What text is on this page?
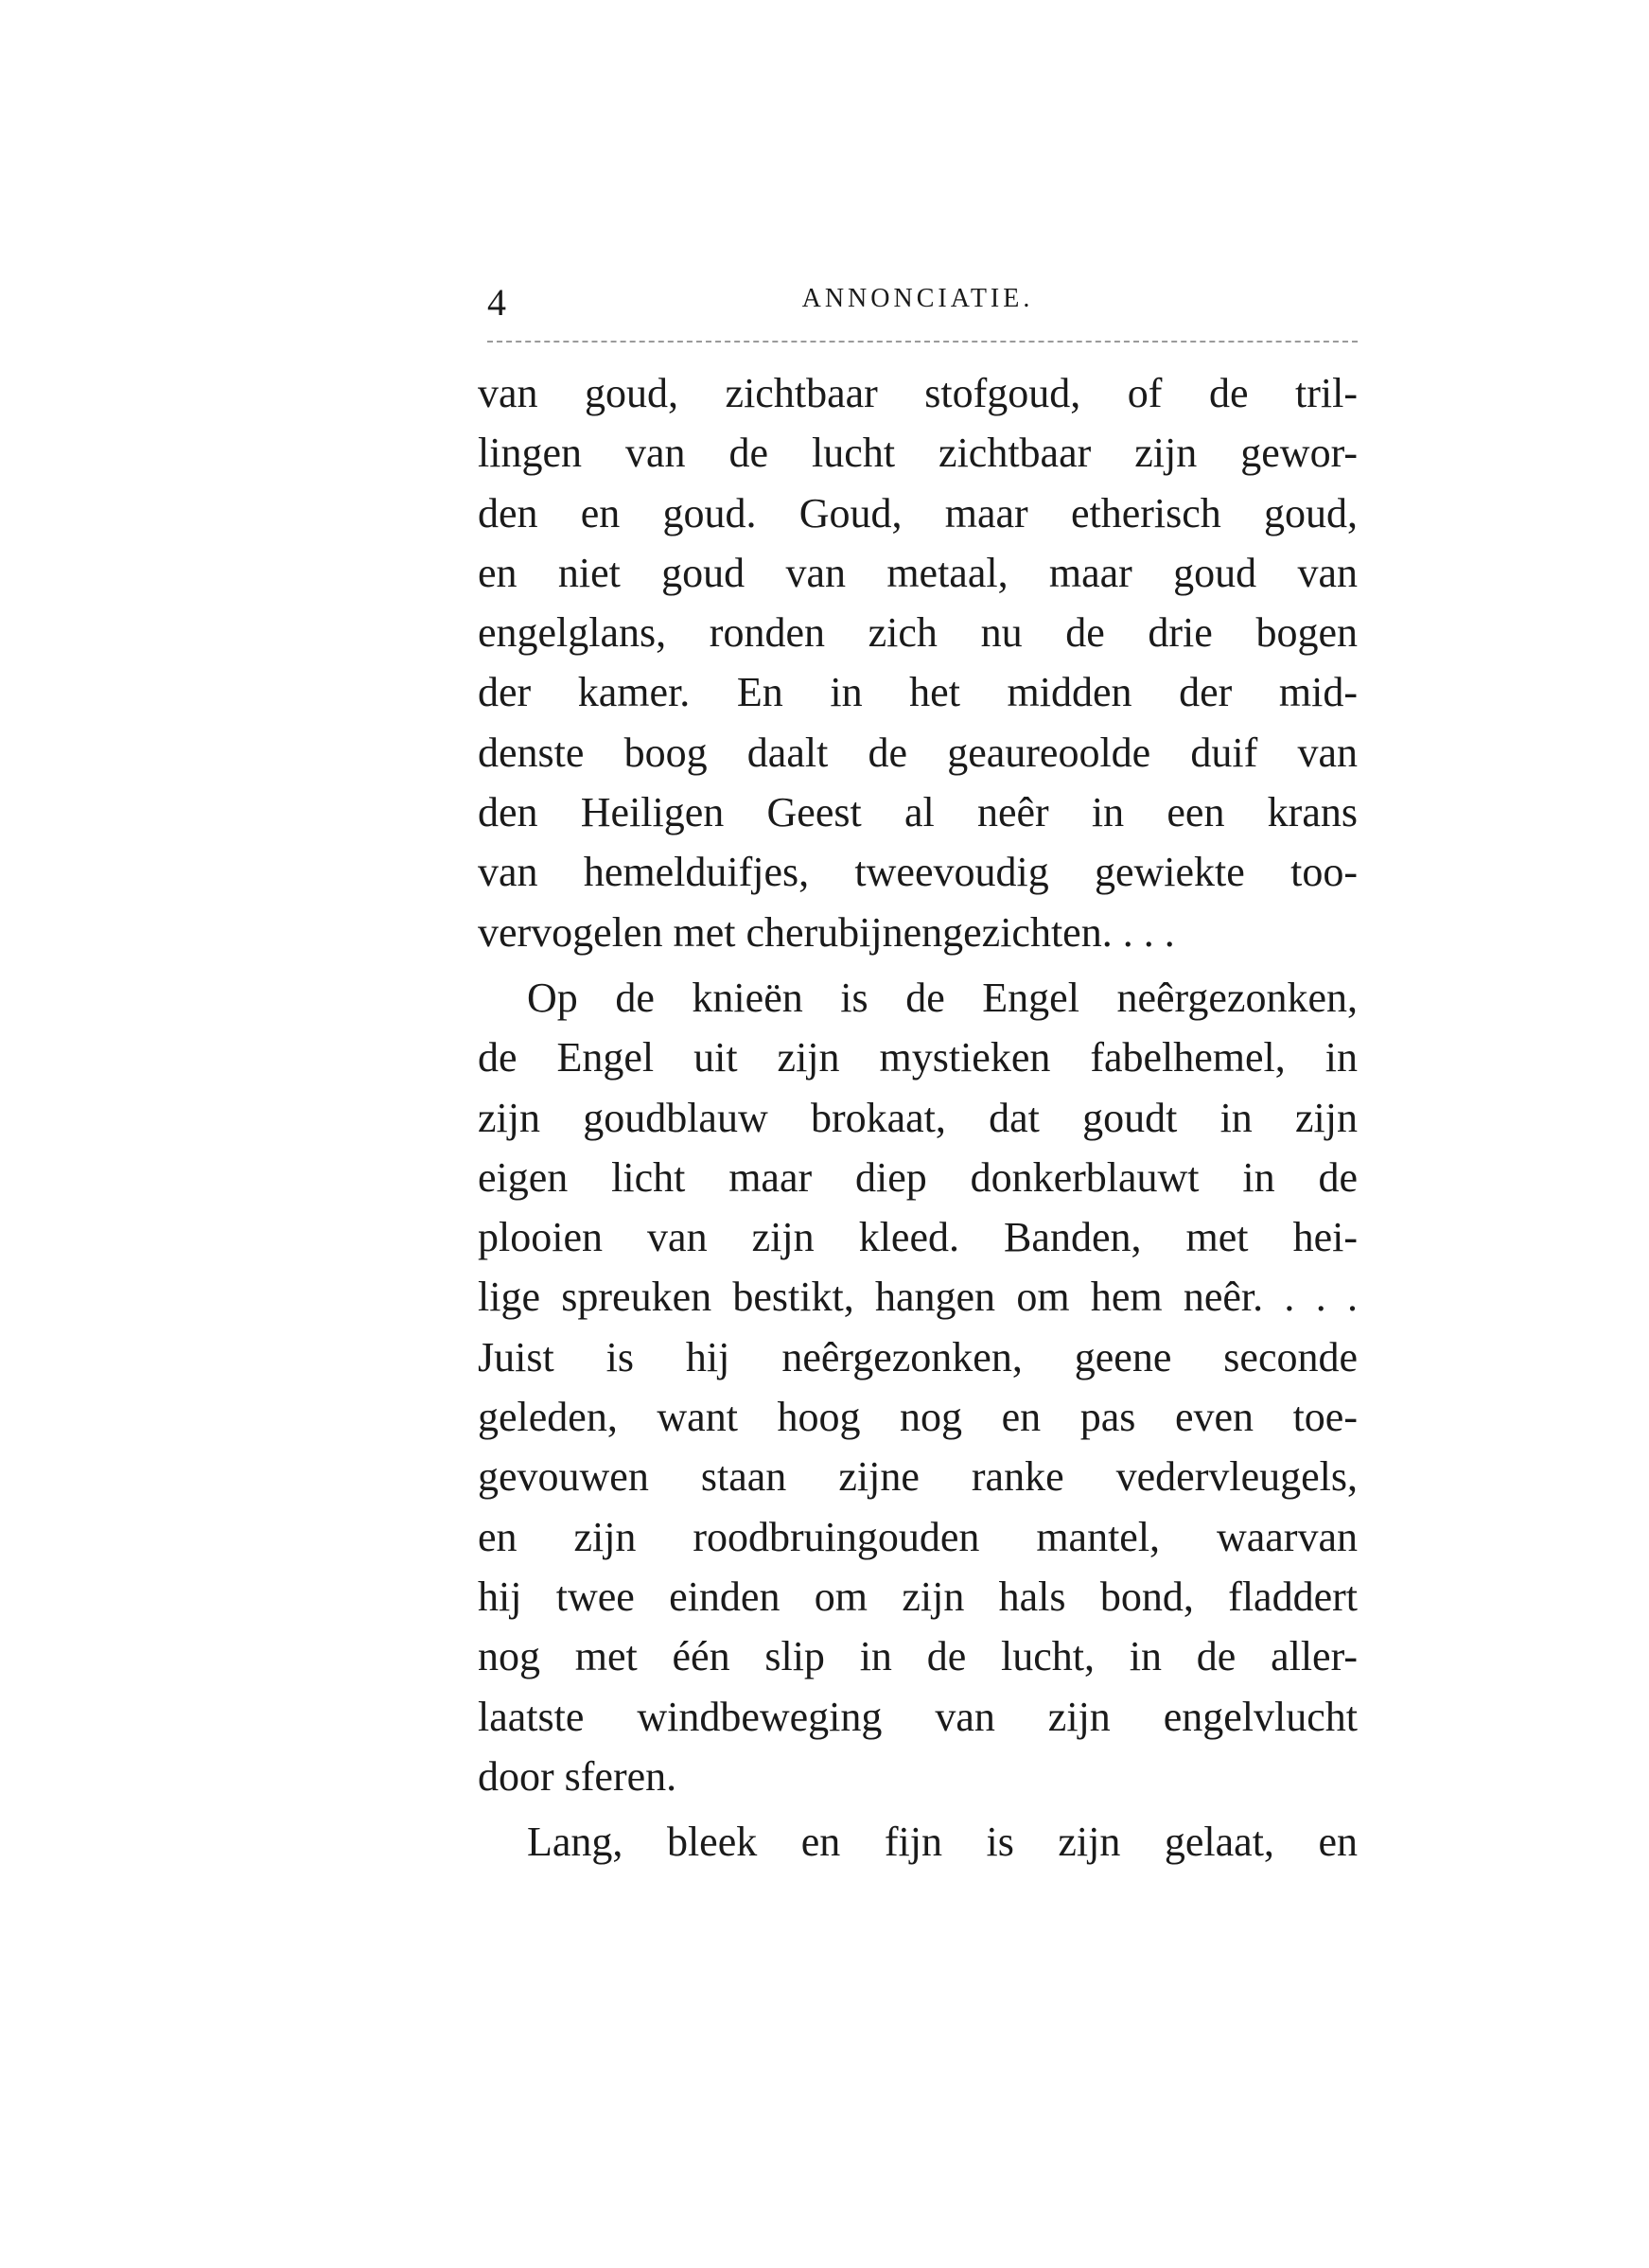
4	ANNONCIATIE.
van goud, zichtbaar stofgoud, of de tril-
lingen van de lucht zichtbaar zijn gewor-
den en goud. Goud, maar etherisch goud,
en niet goud van metaal, maar goud van
engelglans, ronden zich nu de drie bogen
der kamer. En in het midden der mid-
denste boog daalt de geaureoolde duif van
den Heiligen Geest al neêr in een krans
van hemelduifjes, tweevoudig gewiekte too-
vervogelen met cherubijnengezichten. . . .
Op de knieën is de Engel neêrgezonken,
de Engel uit zijn mystieken fabelhemel, in
zijn goudblauw brokaat, dat goudt in zijn
eigen licht maar diep donkerblauwt in de
plooien van zijn kleed. Banden, met hei-
lige spreuken bestikt, hangen om hem neêr. . . .
Juist is hij neêrgezonken, geene seconde
geleden, want hoog nog en pas even toe-
gevouwen staan zijne ranke vedervleugels,
en zijn roodbruingouden mantel, waarvan
hij twee einden om zijn hals bond, fladdert
nog met één slip in de lucht, in de aller-
laatste windbeweging van zijn engelvlucht
door sferen.
Lang, bleek en fijn is zijn gelaat, en
